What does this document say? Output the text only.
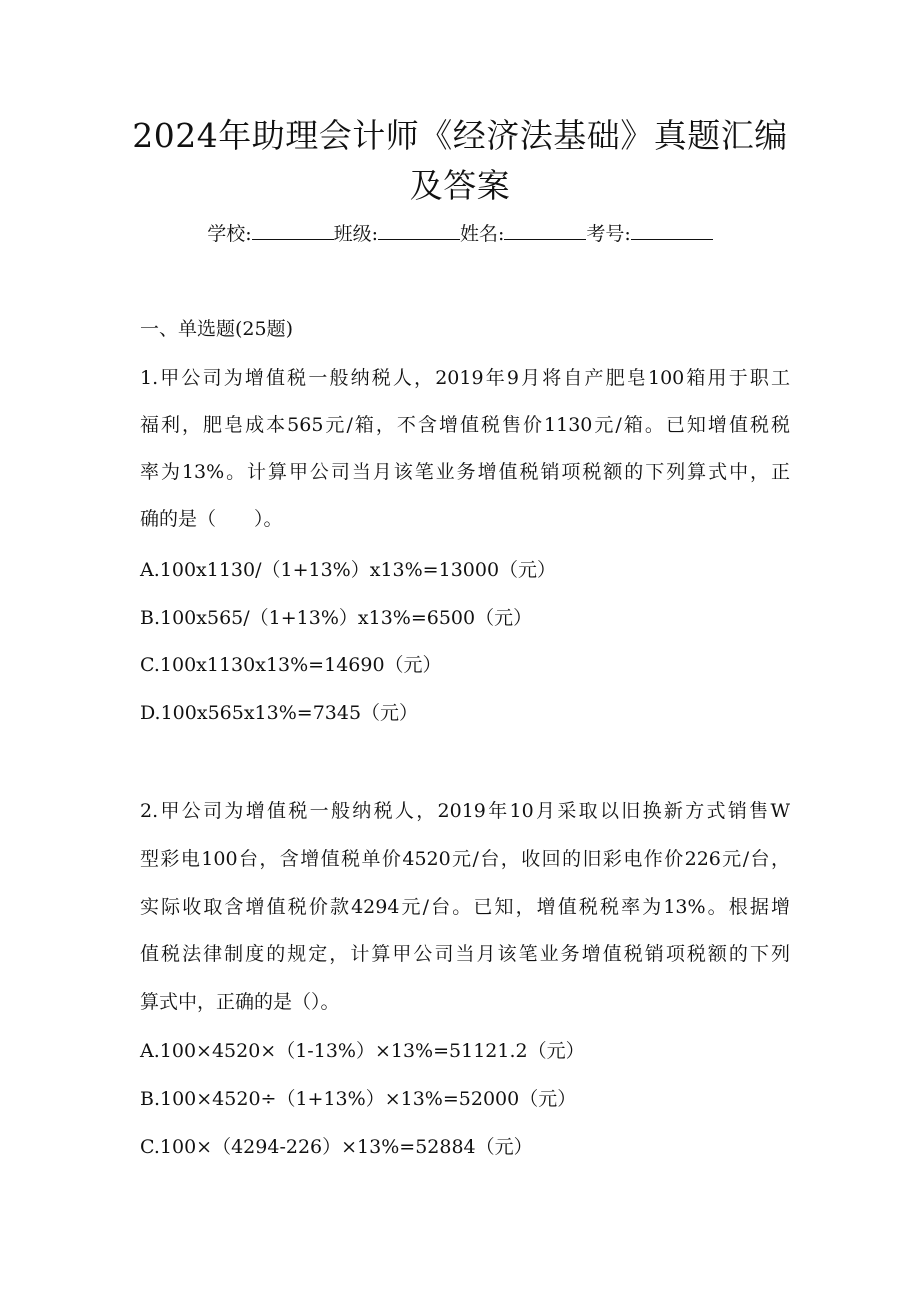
2024年助理会计师《经济法基础》真题汇编
及答案
学校:	班级:	姓名:	考号:
一、单选题(25题)
1.甲公司为增值税一般纳税人，2019年9月将自产肥皂100箱用于职工
福利，肥皂成本565元/箱，不含增值税售价1130元/箱。已知增值税税
率为13%。计算甲公司当月该笔业务增值税销项税额的下列算式中，正
确的是（　　）。
A.100x1130/（1+13%）x13%=13000（元）
B.100x565/（1+13%）x13%=6500（元）
C.100x1130x13%=14690（元）
D.100x565x13%=7345（元）
2.甲公司为增值税一般纳税人，2019年10月采取以旧换新方式销售W
型彩电100台，含增值税单价4520元/台，收回的旧彩电作价226元/台，
实际收取含增值税价款4294元/台。已知，增值税税率为13%。根据增
值税法律制度的规定，计算甲公司当月该笔业务增值税销项税额的下列
算式中，正确的是（）。
A.100×4520×（1-13%）×13%=51121.2（元）
B.100×4520÷（1+13%）×13%=52000（元）
C.100×（4294-226）×13%=52884（元）
